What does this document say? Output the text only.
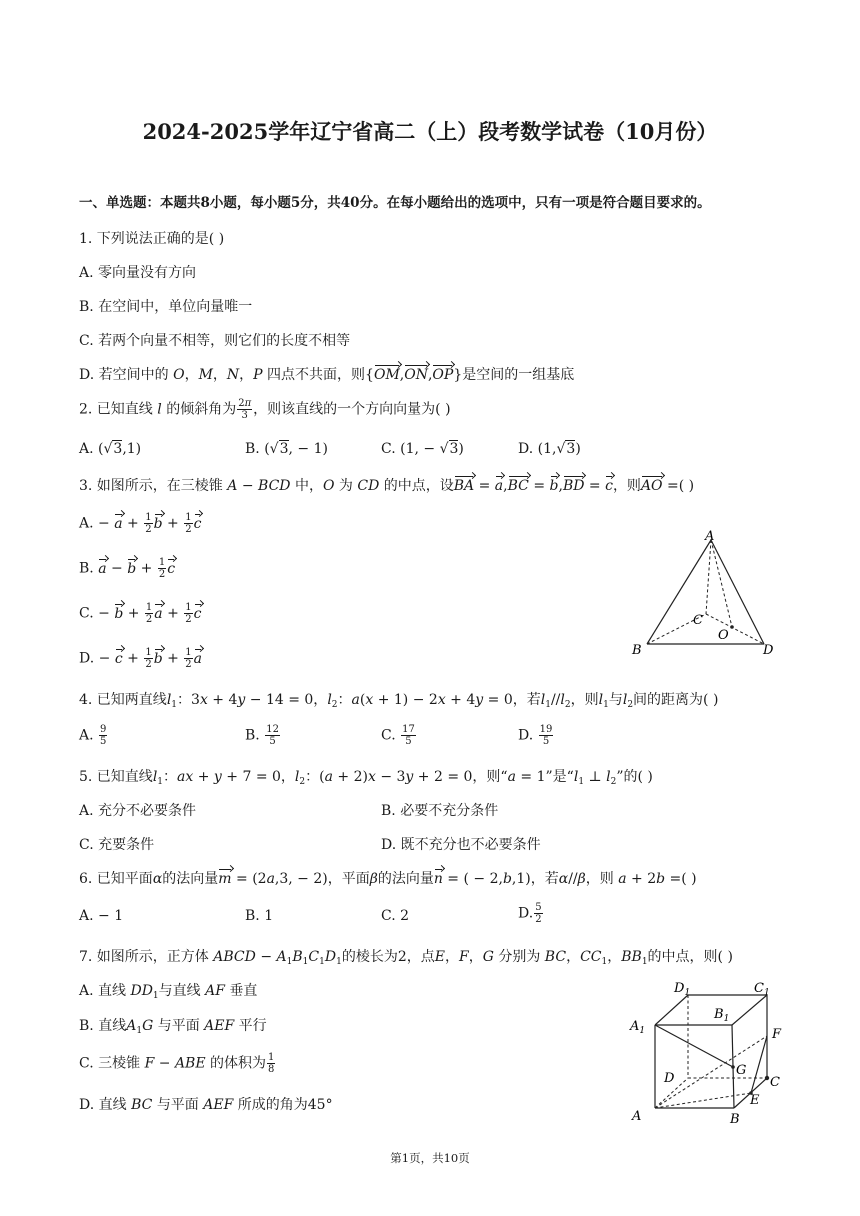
2024-2025学年辽宁省高二（上）段考数学试卷（10月份）
一、单选题：本题共8小题，每小题5分，共40分。在每小题给出的选项中，只有一项是符合题目要求的。
1. 下列说法正确的是( )
A. 零向量没有方向
B. 在空间中，单位向量唯一
C. 若两个向量不相等，则它们的长度不相等
D. 若空间中的 O，M，N，P 四点不共面，则{OM,ON,OP}是空间的一组基底
2. 已知直线 l 的倾斜角为 $\frac{2\pi}{3}$ ，则该直线的一个方向向量为( )
A. (√3,1)	B. (√3, − 1)	C. (1, − √3)	D. (1,√3)
3. 如图所示，在三棱锥 A − BCD 中，O 为 CD 的中点，设BA = a,BC = b,BD = c，则AO =( )
A. − $a + \frac{1}{2}$ $b + \frac{1}{2}$ c
B. $a - b + \frac{1}{2}$ c
C. − $b + \frac{1}{2}$ $a + \frac{1}{2}$ c
D. − $c + \frac{1}{2}$ $b + \frac{1}{2}$ a
A
B
C
O
D
4. 已知两直线$l_1$：3x + 4y − 14 = 0，$l_2$：a(x + 1) − 2x + 4y = 0，若$l_1//l_2$，则$l_1$与$l_2$间的距离为( )
A. $\frac{9}{5}$	B. $\frac{12}{5}$	C. $\frac{17}{5}$	D. $\frac{19}{5}$
5. 已知直线$l_1$：ax + y + 7 = 0，$l_2$：(a + 2)x − 3y + 2 = 0，则“a = 1”是“$l_1$ ⊥ $l_2$”的( )
A. 充分不必要条件	B. 必要不充分条件
C. 充要条件	D. 既不充分也不必要条件
6. 已知平面α的法向量m = (2a,3, − 2)，平面β的法向量n = ( − 2,b,1)，若α//β，则 a + 2b =( )
A. − 1	B. 1	C. 2	D. $\frac{5}{2}$
7. 如图所示，正方体 ABCD − $A_1B_1C_1D_1$的棱长为2，点E，F，G 分别为 BC，$CC_1$，$BB_1$的中点，则( )
A. 直线 $DD_1$与直线 AF 垂直
B. 直线$A_1G$ 与平面 AEF 平行
C. 三棱锥 F − ABE 的体积为 $\frac{1}{8}$
D. 直线 BC 与平面 AEF 所成的角为45°
$D_1$	$C_1$
$B_1$
$A_1$	F
D
G
C
E
A	B
第1页，共10页
